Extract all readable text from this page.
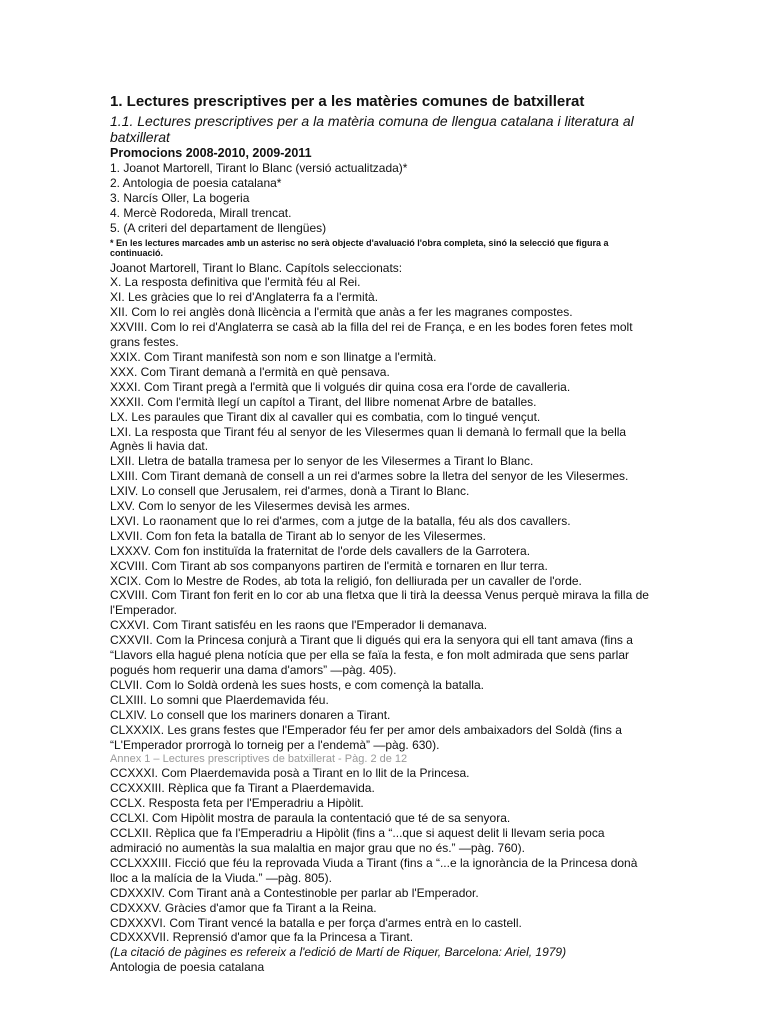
1. Lectures prescriptives per a les matèries comunes de batxillerat
1.1. Lectures prescriptives per a la matèria comuna de llengua catalana i literatura al batxillerat
Promocions 2008-2010, 2009-2011
1. Joanot Martorell, Tirant lo Blanc (versió actualitzada)*
2. Antologia de poesia catalana*
3. Narcís Oller, La bogeria
4. Mercè Rodoreda, Mirall trencat.
5. (A criteri del departament de llengües)
* En les lectures marcades amb un asterisc no serà objecte d'avaluació l'obra completa, sinó la selecció que figura a continuació.
Joanot Martorell, Tirant lo Blanc. Capítols seleccionats:
X. La resposta definitiva que l'ermità féu al Rei.
XI. Les gràcies que lo rei d'Anglaterra fa a l'ermità.
XII. Com lo rei anglès donà llicència a l'ermità que anàs a fer les magranes compostes.
XXVIII. Com lo rei d'Anglaterra se casà ab la filla del rei de França, e en les bodes foren fetes molt grans festes.
XXIX. Com Tirant manifestà son nom e son llinatge a l'ermità.
XXX. Com Tirant demanà a l'ermità en què pensava.
XXXI. Com Tirant pregà a l'ermità que li volgués dir quina cosa era l'orde de cavalleria.
XXXII. Com l'ermità llegí un capítol a Tirant, del llibre nomenat Arbre de batalles.
LX. Les paraules que Tirant dix al cavaller qui es combatia, com lo tingué vençut.
LXI. La resposta que Tirant féu al senyor de les Vilesermes quan li demanà lo fermall que la bella Agnès li havia dat.
LXII. Lletra de batalla tramesa per lo senyor de les Vilesermes a Tirant lo Blanc.
LXIII. Com Tirant demanà de consell a un rei d'armes sobre la lletra del senyor de les Vilesermes.
LXIV. Lo consell que Jerusalem, rei d'armes, donà a Tirant lo Blanc.
LXV. Com lo senyor de les Vilesermes devisà les armes.
LXVI. Lo raonament que lo rei d'armes, com a jutge de la batalla, féu als dos cavallers.
LXVII. Com fon feta la batalla de Tirant ab lo senyor de les Vilesermes.
LXXXV. Com fon instituïda la fraternitat de l'orde dels cavallers de la Garrotera.
XCVIII. Com Tirant ab sos companyons partiren de l'ermità e tornaren en llur terra.
XCIX. Com lo Mestre de Rodes, ab tota la religió, fon delliurada per un cavaller de l'orde.
CXVIII. Com Tirant fon ferit en lo cor ab una fletxa que li tirà la deessa Venus perquè mirava la filla de l'Emperador.
CXXVI. Com Tirant satisféu en les raons que l'Emperador li demanava.
CXXVII. Com la Princesa conjurà a Tirant que li digués qui era la senyora qui ell tant amava (fins a “Llavors ella hagué plena notícia que per ella se faïa la festa, e fon molt admirada que sens parlar pogués hom requerir una dama d'amors” —pàg. 405).
CLVII. Com lo Soldà ordenà les sues hosts, e com començà la batalla.
CLXIII. Lo somni que Plaerdemavida féu.
CLXIV. Lo consell que los mariners donaren a Tirant.
CLXXXIX. Les grans festes que l'Emperador féu fer per amor dels ambaixadors del Soldà (fins a “L'Emperador prorrogà lo torneig per a l'endemà” —pàg. 630).
Annex 1 – Lectures prescriptives de batxillerat - Pàg. 2 de 12
CCXXXI. Com Plaerdemavida posà a Tirant en lo llit de la Princesa.
CCXXXIII. Rèplica que fa Tirant a Plaerdemavida.
CCLX. Resposta feta per l'Emperadriu a Hipòlit.
CCLXI. Com Hipòlit mostra de paraula la contentació que té de sa senyora.
CCLXII. Rèplica que fa l'Emperadriu a Hipòlit (fins a “...que si aquest delit li llevam seria poca admiració no aumentàs la sua malaltia en major grau que no és.” —pàg. 760).
CCLXXXIII. Ficció que féu la reprovada Viuda a Tirant (fins a “...e la ignorància de la Princesa donà lloc a la malícia de la Viuda.” —pàg. 805).
CDXXXIV. Com Tirant anà a Contestinoble per parlar ab l'Emperador.
CDXXXV. Gràcies d'amor que fa Tirant a la Reina.
CDXXXVI. Com Tirant vencé la batalla e per força d'armes entrà en lo castell.
CDXXXVII. Reprensió d'amor que fa la Princesa a Tirant.
(La citació de pàgines es refereix a l'edició de Martí de Riquer, Barcelona: Ariel, 1979)
Antologia de poesia catalana
